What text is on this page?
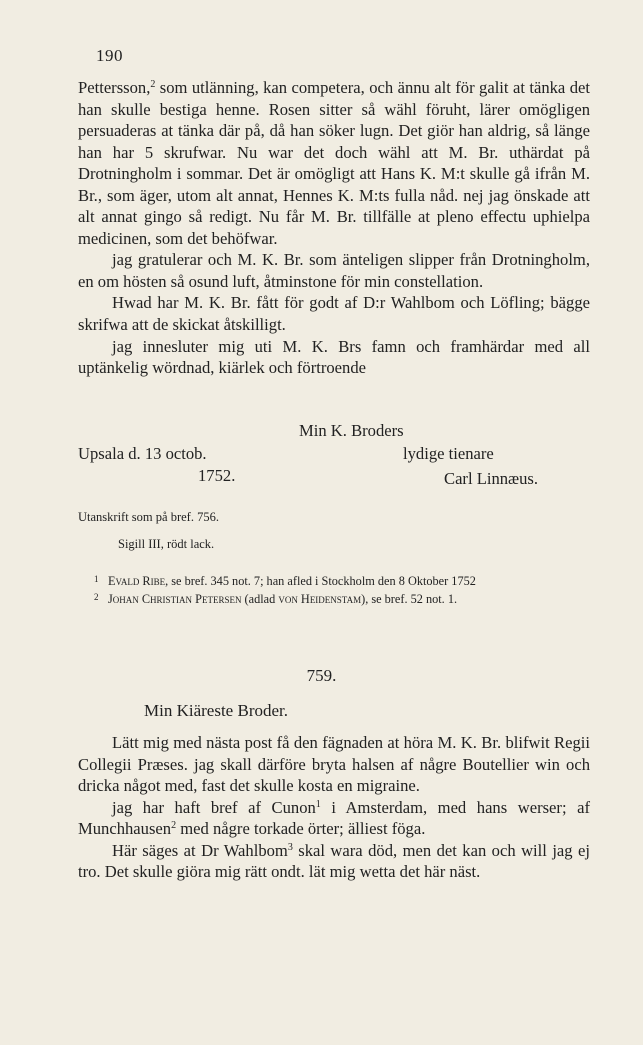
190

Pettersson,$^2$ som utlänning, kan competera, och ännu alt för galit at tänka det han skulle bestiga henne. Rosen sitter så wähl föruht, lärer omögligen persuaderas at tänka där på, då han söker lugn. Det giör han aldrig, så länge han har 5 skrufwar. Nu war det doch wähl att M. Br. uthärdat på Drotningholm i sommar. Det är omögligt att Hans K. M:t skulle gå ifrån M. Br., som äger, utom alt annat, Hennes K. M:ts fulla nåd. nej jag önskade att alt annat gingo så redigt. Nu får M. Br. tillfälle at pleno effectu uphielpa medicinen, som det behöfwar.

jag gratulerar och M. K. Br. som änteligen slipper från Drotningholm, en om hösten så osund luft, åtminstone för min constellation.

Hwad har M. K. Br. fått för godt af D:r Wahlbom och Löfling; bägge skrifwa att de skickat åtskilligt.

jag innesluter mig uti M. K. Brs famn och framhärdar med all uptänkelig wördnad, kiärlek och förtroende

Min K. Broders
Upsala d. 13 octob.	lydige tienare
1752.	Carl Linnæus.
Utanskrift som på bref. 756.
Sigill III, rödt lack.
1 Evald Ribe, se bref. 345 not. 7; han afled i Stockholm den 8 Oktober 1752
2 Johan Christian Petersen (adlad von Heidenstam), se bref. 52 not. 1.
759.
Min Kiäreste Broder.

Lätt mig med nästa post få den fägnaden at höra M. K. Br. blifwit Regii Collegii Præses. jag skall därföre bryta halsen af någre Boutellier win och dricka något med, fast det skulle kosta en migraine.

jag har haft bref af Cunon$^1$ i Amsterdam, med hans werser; af Munchhausen$^2$ med någre torkade örter; älliest föga.

Här säges at Dr Wahlbom$^3$ skal wara död, men det kan och will jag ej tro. Det skulle giöra mig rätt ondt. lät mig wetta det här näst.
